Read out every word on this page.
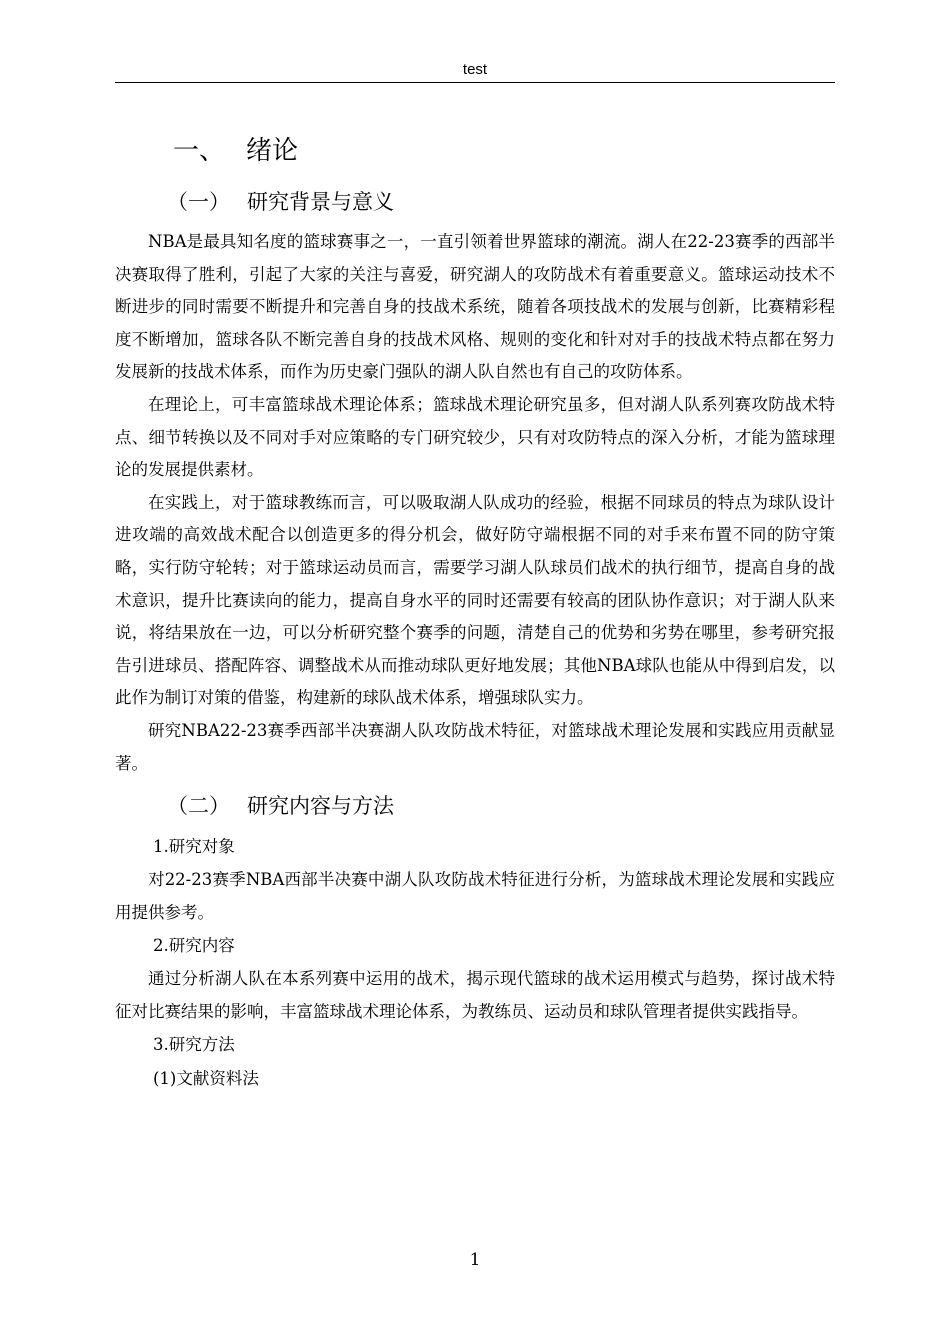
test
一、 绪论
（一） 研究背景与意义

NBA是最具知名度的篮球赛事之一，一直引领着世界篮球的潮流。湖人在22-23赛季的西部半决赛取得了胜利，引起了大家的关注与喜爱，研究湖人的攻防战术有着重要意义。篮球运动技术不断进步的同时需要不断提升和完善自身的技战术系统，随着各项技战术的发展与创新，比赛精彩程度不断增加，篮球各队不断完善自身的技战术风格、规则的变化和针对对手的技战术特点都在努力发展新的技战术体系，而作为历史豪门强队的湖人队自然也有自己的攻防体系。

在理论上，可丰富篮球战术理论体系；篮球战术理论研究虽多，但对湖人队系列赛攻防战术特点、细节转换以及不同对手对应策略的专门研究较少，只有对攻防特点的深入分析，才能为篮球理论的发展提供素材。

在实践上，对于篮球教练而言，可以吸取湖人队成功的经验，根据不同球员的特点为球队设计进攻端的高效战术配合以创造更多的得分机会，做好防守端根据不同的对手来布置不同的防守策略，实行防守轮转；对于篮球运动员而言，需要学习湖人队球员们战术的执行细节，提高自身的战术意识，提升比赛读向的能力，提高自身水平的同时还需要有较高的团队协作意识；对于湖人队来说，将结果放在一边，可以分析研究整个赛季的问题，清楚自己的优势和劣势在哪里，参考研究报告引进球员、搭配阵容、调整战术从而推动球队更好地发展；其他NBA球队也能从中得到启发，以此作为制订对策的借鉴，构建新的球队战术体系，增强球队实力。

研究NBA22-23赛季西部半决赛湖人队攻防战术特征，对篮球战术理论发展和实践应用贡献显著。

（二） 研究内容与方法

1.研究对象

对22-23赛季NBA西部半决赛中湖人队攻防战术特征进行分析，为篮球战术理论发展和实践应用提供参考。

2.研究内容

通过分析湖人队在本系列赛中运用的战术，揭示现代篮球的战术运用模式与趋势，探讨战术特征对比赛结果的影响，丰富篮球战术理论体系，为教练员、运动员和球队管理者提供实践指导。

3.研究方法

(1)文献资料法

1
